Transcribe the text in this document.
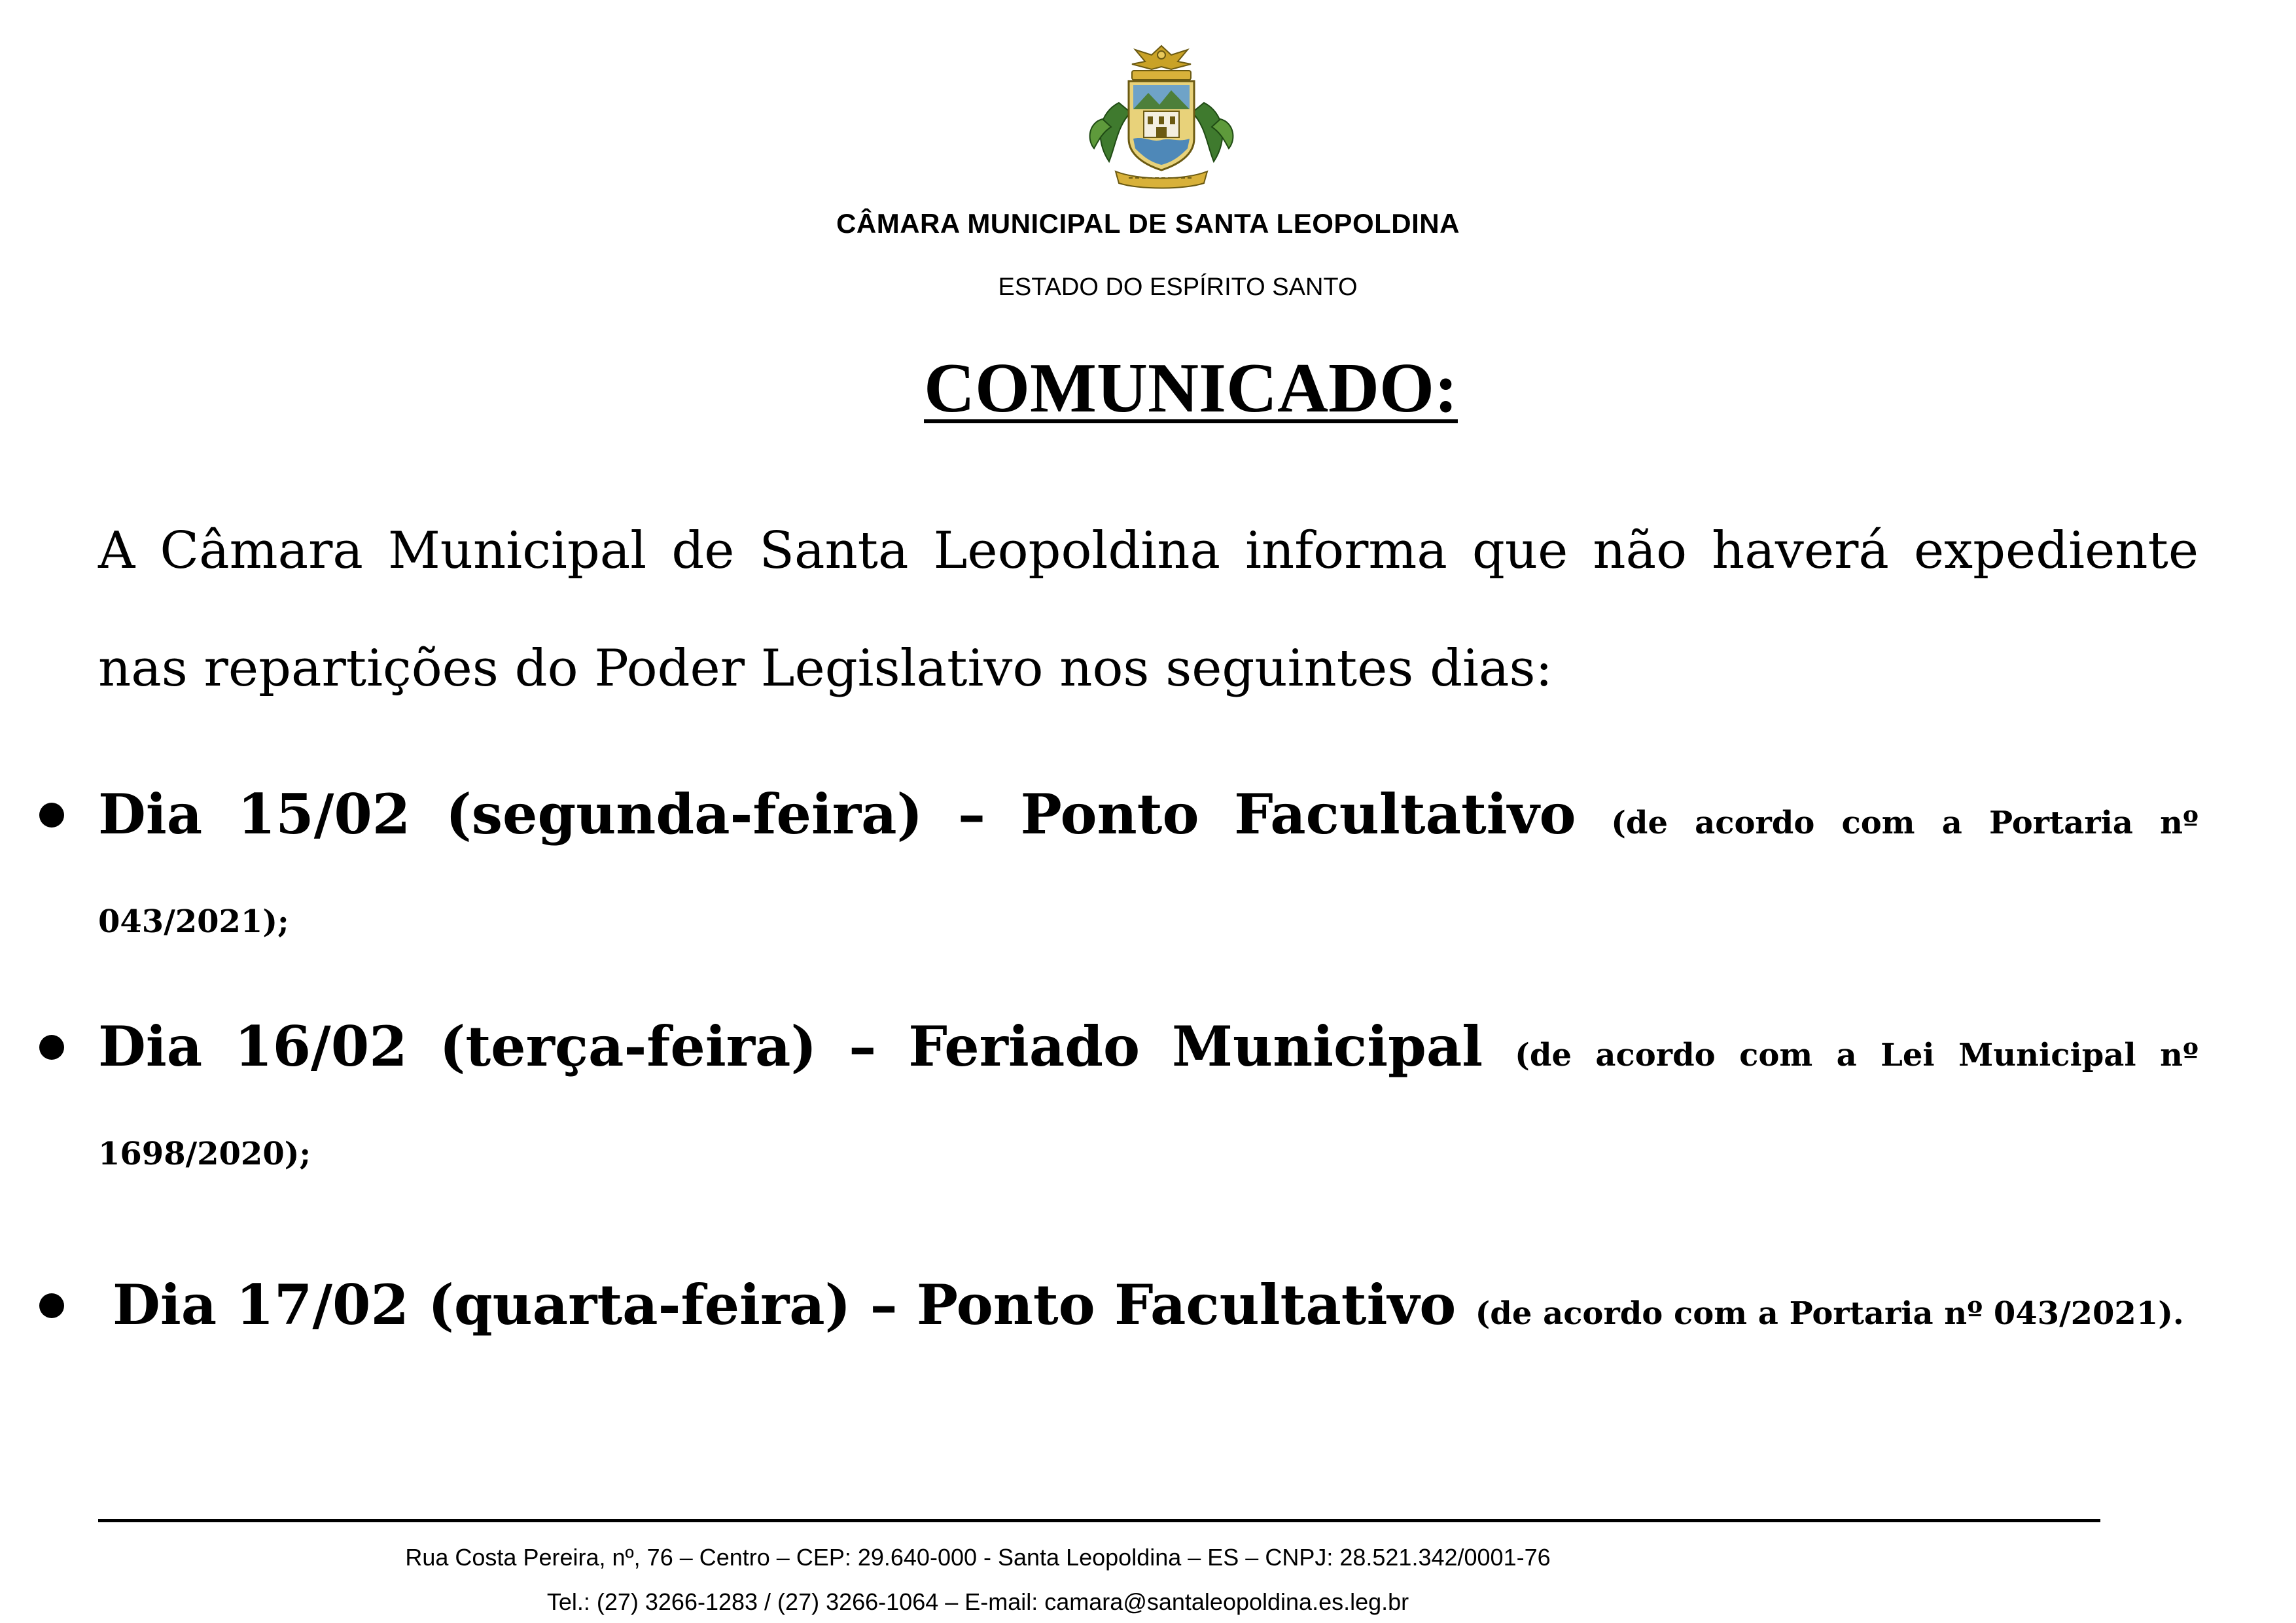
CÂMARA MUNICIPAL DE SANTA LEOPOLDINA
ESTADO DO ESPÍRITO SANTO
COMUNICADO:

A Câmara Municipal de Santa Leopoldina informa que não haverá expediente nas repartições do Poder Legislativo nos seguintes dias:

Dia 15/02 (segunda-feira) – Ponto Facultativo (de acordo com a Portaria nº 043/2021);

Dia 16/02 (terça-feira) – Feriado Municipal (de acordo com a Lei Municipal nº 1698/2020);

Dia 17/02 (quarta-feira) – Ponto Facultativo (de acordo com a Portaria nº 043/2021).

Rua Costa Pereira, nº, 76 – Centro – CEP: 29.640-000 - Santa Leopoldina – ES – CNPJ: 28.521.342/0001-76
Tel.: (27) 3266-1283 / (27) 3266-1064 – E-mail: camara@santaleopoldina.es.leg.br
